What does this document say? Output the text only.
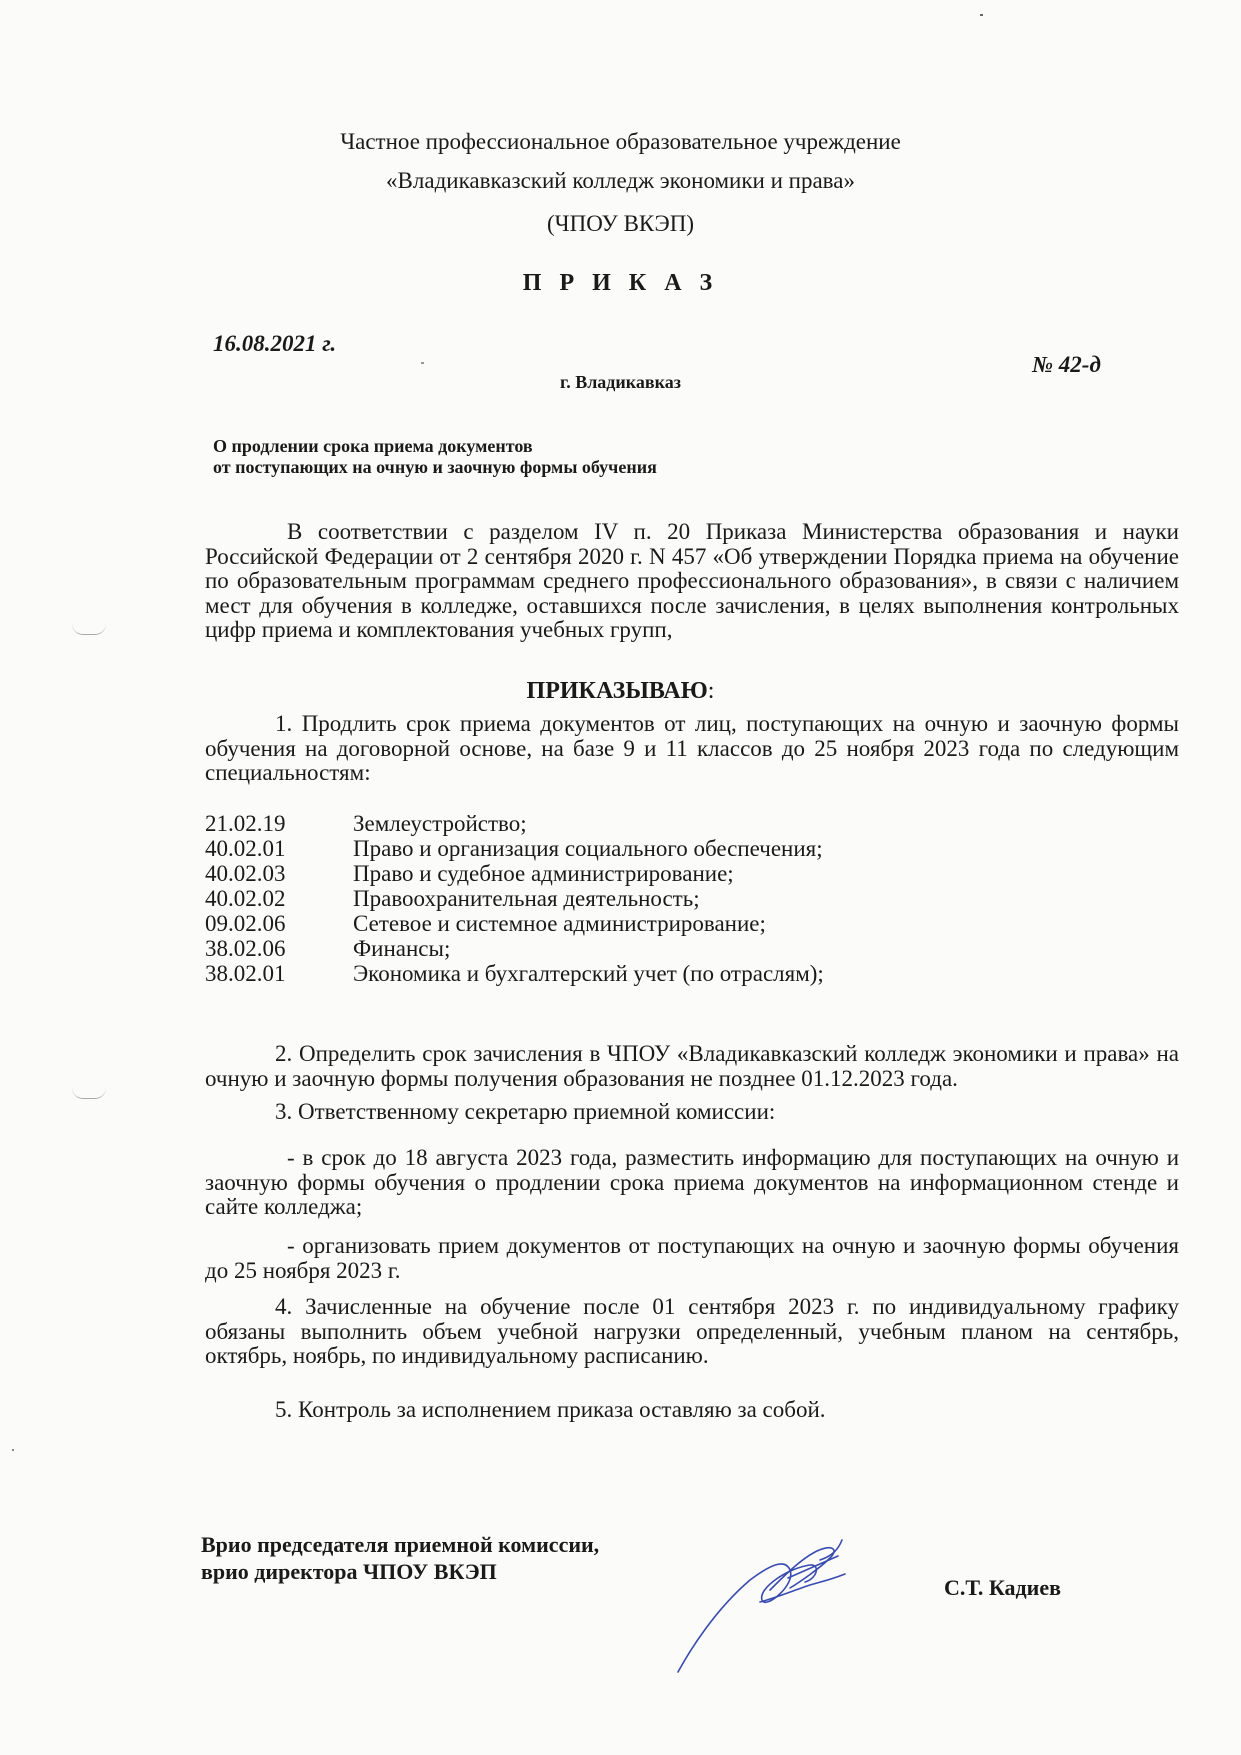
Частное профессиональное образовательное учреждение
«Владикавказский колледж экономики и права»
(ЧПОУ ВКЭП)
П Р И К А З
16.08.2021 г.
№ 42-д
г. Владикавказ
О продлении срока приема документов
от поступающих на очную и заочную формы обучения
В соответствии с разделом IV п. 20 Приказа Министерства образования и науки Российской Федерации от 2 сентября 2020 г. N 457 «Об утверждении Порядка приема на обучение по образовательным программам среднего профессионального образования», в связи с наличием мест для обучения в колледже, оставшихся после зачисления, в целях выполнения контрольных цифр приема и комплектования учебных групп,
ПРИКАЗЫВАЮ:
1. Продлить срок приема документов от лиц, поступающих на очную и заочную формы обучения на договорной основе, на базе 9 и 11 классов до 25 ноября 2023 года по следующим специальностям:
21.02.19	Землеустройство;
40.02.01	Право и организация социального обеспечения;
40.02.03	Право и судебное администрирование;
40.02.02	Правоохранительная деятельность;
09.02.06	Сетевое и системное администрирование;
38.02.06	Финансы;
38.02.01	Экономика и бухгалтерский учет (по отраслям);
2. Определить срок зачисления в ЧПОУ «Владикавказский колледж экономики и права» на очную и заочную формы получения образования не позднее 01.12.2023 года.
3. Ответственному секретарю приемной комиссии:
- в срок до 18 августа 2023 года, разместить информацию для поступающих на очную и заочную формы обучения о продлении срока приема документов на информационном стенде и сайте колледжа;
- организовать прием документов от поступающих на очную и заочную формы обучения до 25 ноября 2023 г.
4. Зачисленные на обучение после 01 сентября 2023 г. по индивидуальному графику обязаны выполнить объем учебной нагрузки определенный, учебным планом на сентябрь, октябрь, ноябрь, по индивидуальному расписанию.
5. Контроль за исполнением приказа оставляю за собой.
Врио председателя приемной комиссии,
врио директора ЧПОУ ВКЭП
С.Т. Кадиев
